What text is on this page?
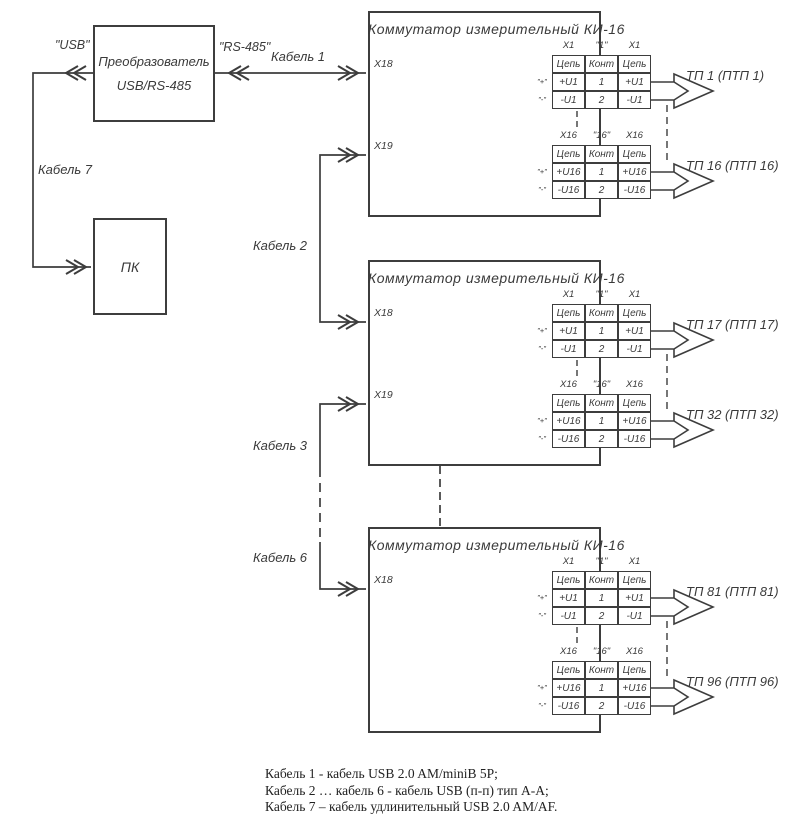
Преобразователь
USB/RS-485
ПК
"USB"	"RS-485"
Кабель 1
Кабель 7
Кабель 2
Кабель 3
Кабель 6
Коммутатор измерительный КИ-16
Х18
Х19
Х1	"1"	Х1
Цепь Конт Цепь
+U1	1	+U1
-U1	2	-U1
"+"
"-"
ТП 1 (ПТП 1)
Х16	"16"	Х16
Цепь Конт Цепь
+U16	1	+U16
-U16	2	-U16
"+"
"-"
ТП 16 (ПТП 16)
Коммутатор измерительный КИ-16
Х18
Х19
Х1	"1"	Х1
Цепь Конт Цепь
+U1	1	+U1
-U1	2	-U1
"+"
"-"
ТП 17 (ПТП 17)
Х16	"16"	Х16
Цепь Конт Цепь
+U16	1	+U16
-U16	2	-U16
"+"
"-"
ТП 32 (ПТП 32)
Коммутатор измерительный КИ-16
Х18
Х1	"1"	Х1
Цепь Конт Цепь
+U1	1	+U1
-U1	2	-U1
"+"
"-"
ТП 81 (ПТП 81)
Х16	"16"	Х16
Цепь Конт Цепь
+U16	1	+U16
-U16	2	-U16
"+"
"-"
ТП 96 (ПТП 96)
Кабель 1 - кабель USB 2.0 AM/miniB 5P;
Кабель 2 … кабель 6 - кабель USB (п-п) тип А-А;
Кабель 7 – кабель удлинительный USB 2.0 AM/AF.
